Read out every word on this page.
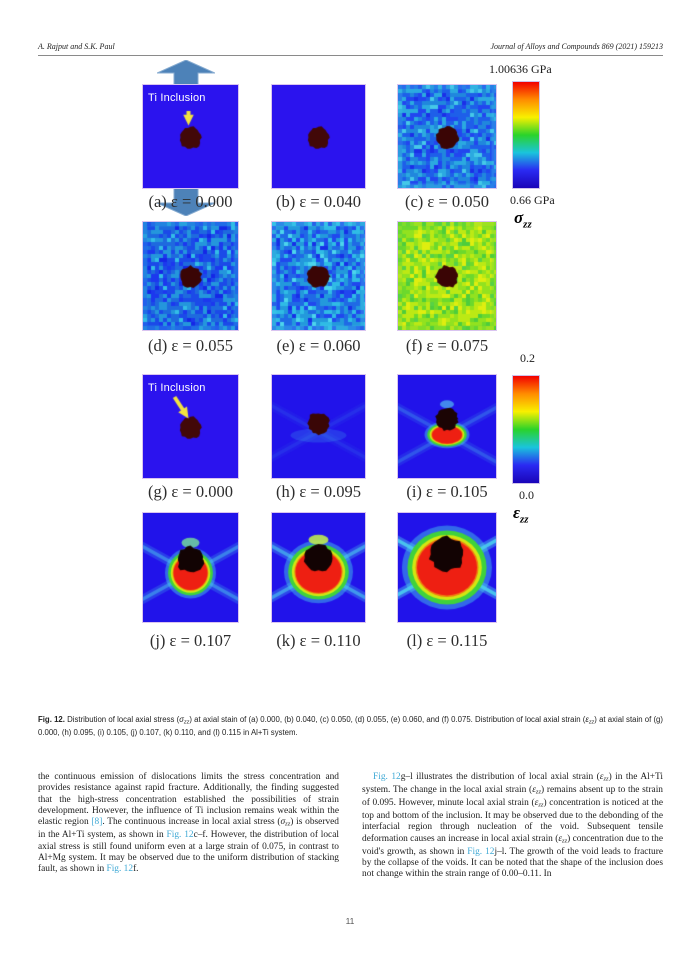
A. Rajput and S.K. Paul	Journal of Alloys and Compounds 869 (2021) 159213
Ti Inclusion
(a) ε = 0.000	(b) ε = 0.040	(c) ε = 0.050
(d) ε = 0.055	(e) ε = 0.060	(f) ε = 0.075
Ti Inclusion
(g) ε = 0.000	(h) ε = 0.095	(i) ε = 0.105
(j) ε = 0.107	(k) ε = 0.110	(l) ε = 0.115
1.00636 GPa
0.66 GPa
$\sigma_{zz}$
0.2
0.0
$\varepsilon_{zz}$
Fig. 12. Distribution of local axial stress $(\sigma_{zz})$ at axial stain of (a) 0.000, (b) 0.040, (c) 0.050, (d) 0.055, (e) 0.060, and (f) 0.075. Distribution of local axial strain $(\varepsilon_{zz})$ at axial stain of (g) 0.000, (h) 0.095, (i) 0.105, (j) 0.107, (k) 0.110, and (l) 0.115 in Al+Ti system.
the continuous emission of dislocations limits the stress concentration and provides resistance against rapid fracture. Additionally, the finding suggested that the high-stress concentration established the possibilities of strain development. However, the influence of Ti inclusion remains weak within the elastic region [8]. The continuous increase in local axial stress $(\sigma_{zz})$ is observed in the Al+Ti system, as shown in Fig. 12c–f. However, the distribution of local axial stress is still found uniform even at a large strain of 0.075, in contrast to Al+Mg system. It may be observed due to the uniform distribution of stacking fault, as shown in Fig. 12f.
Fig. 12g–l illustrates the distribution of local axial strain $(\varepsilon_{zz})$ in the Al+Ti system. The change in the local axial strain $(\varepsilon_{zz})$ remains absent up to the strain of 0.095. However, minute local axial strain $(\varepsilon_{zz})$ concentration is noticed at the top and bottom of the inclusion. It may be observed due to the debonding of the interfacial region through nucleation of the void. Subsequent tensile deformation causes an increase in local axial strain $(\varepsilon_{zz})$ concentration due to the void's growth, as shown in Fig. 12j–l. The growth of the void leads to fracture by the collapse of the voids. It can be noted that the shape of the inclusion does not change within the strain range of 0.00–0.11. In
11
